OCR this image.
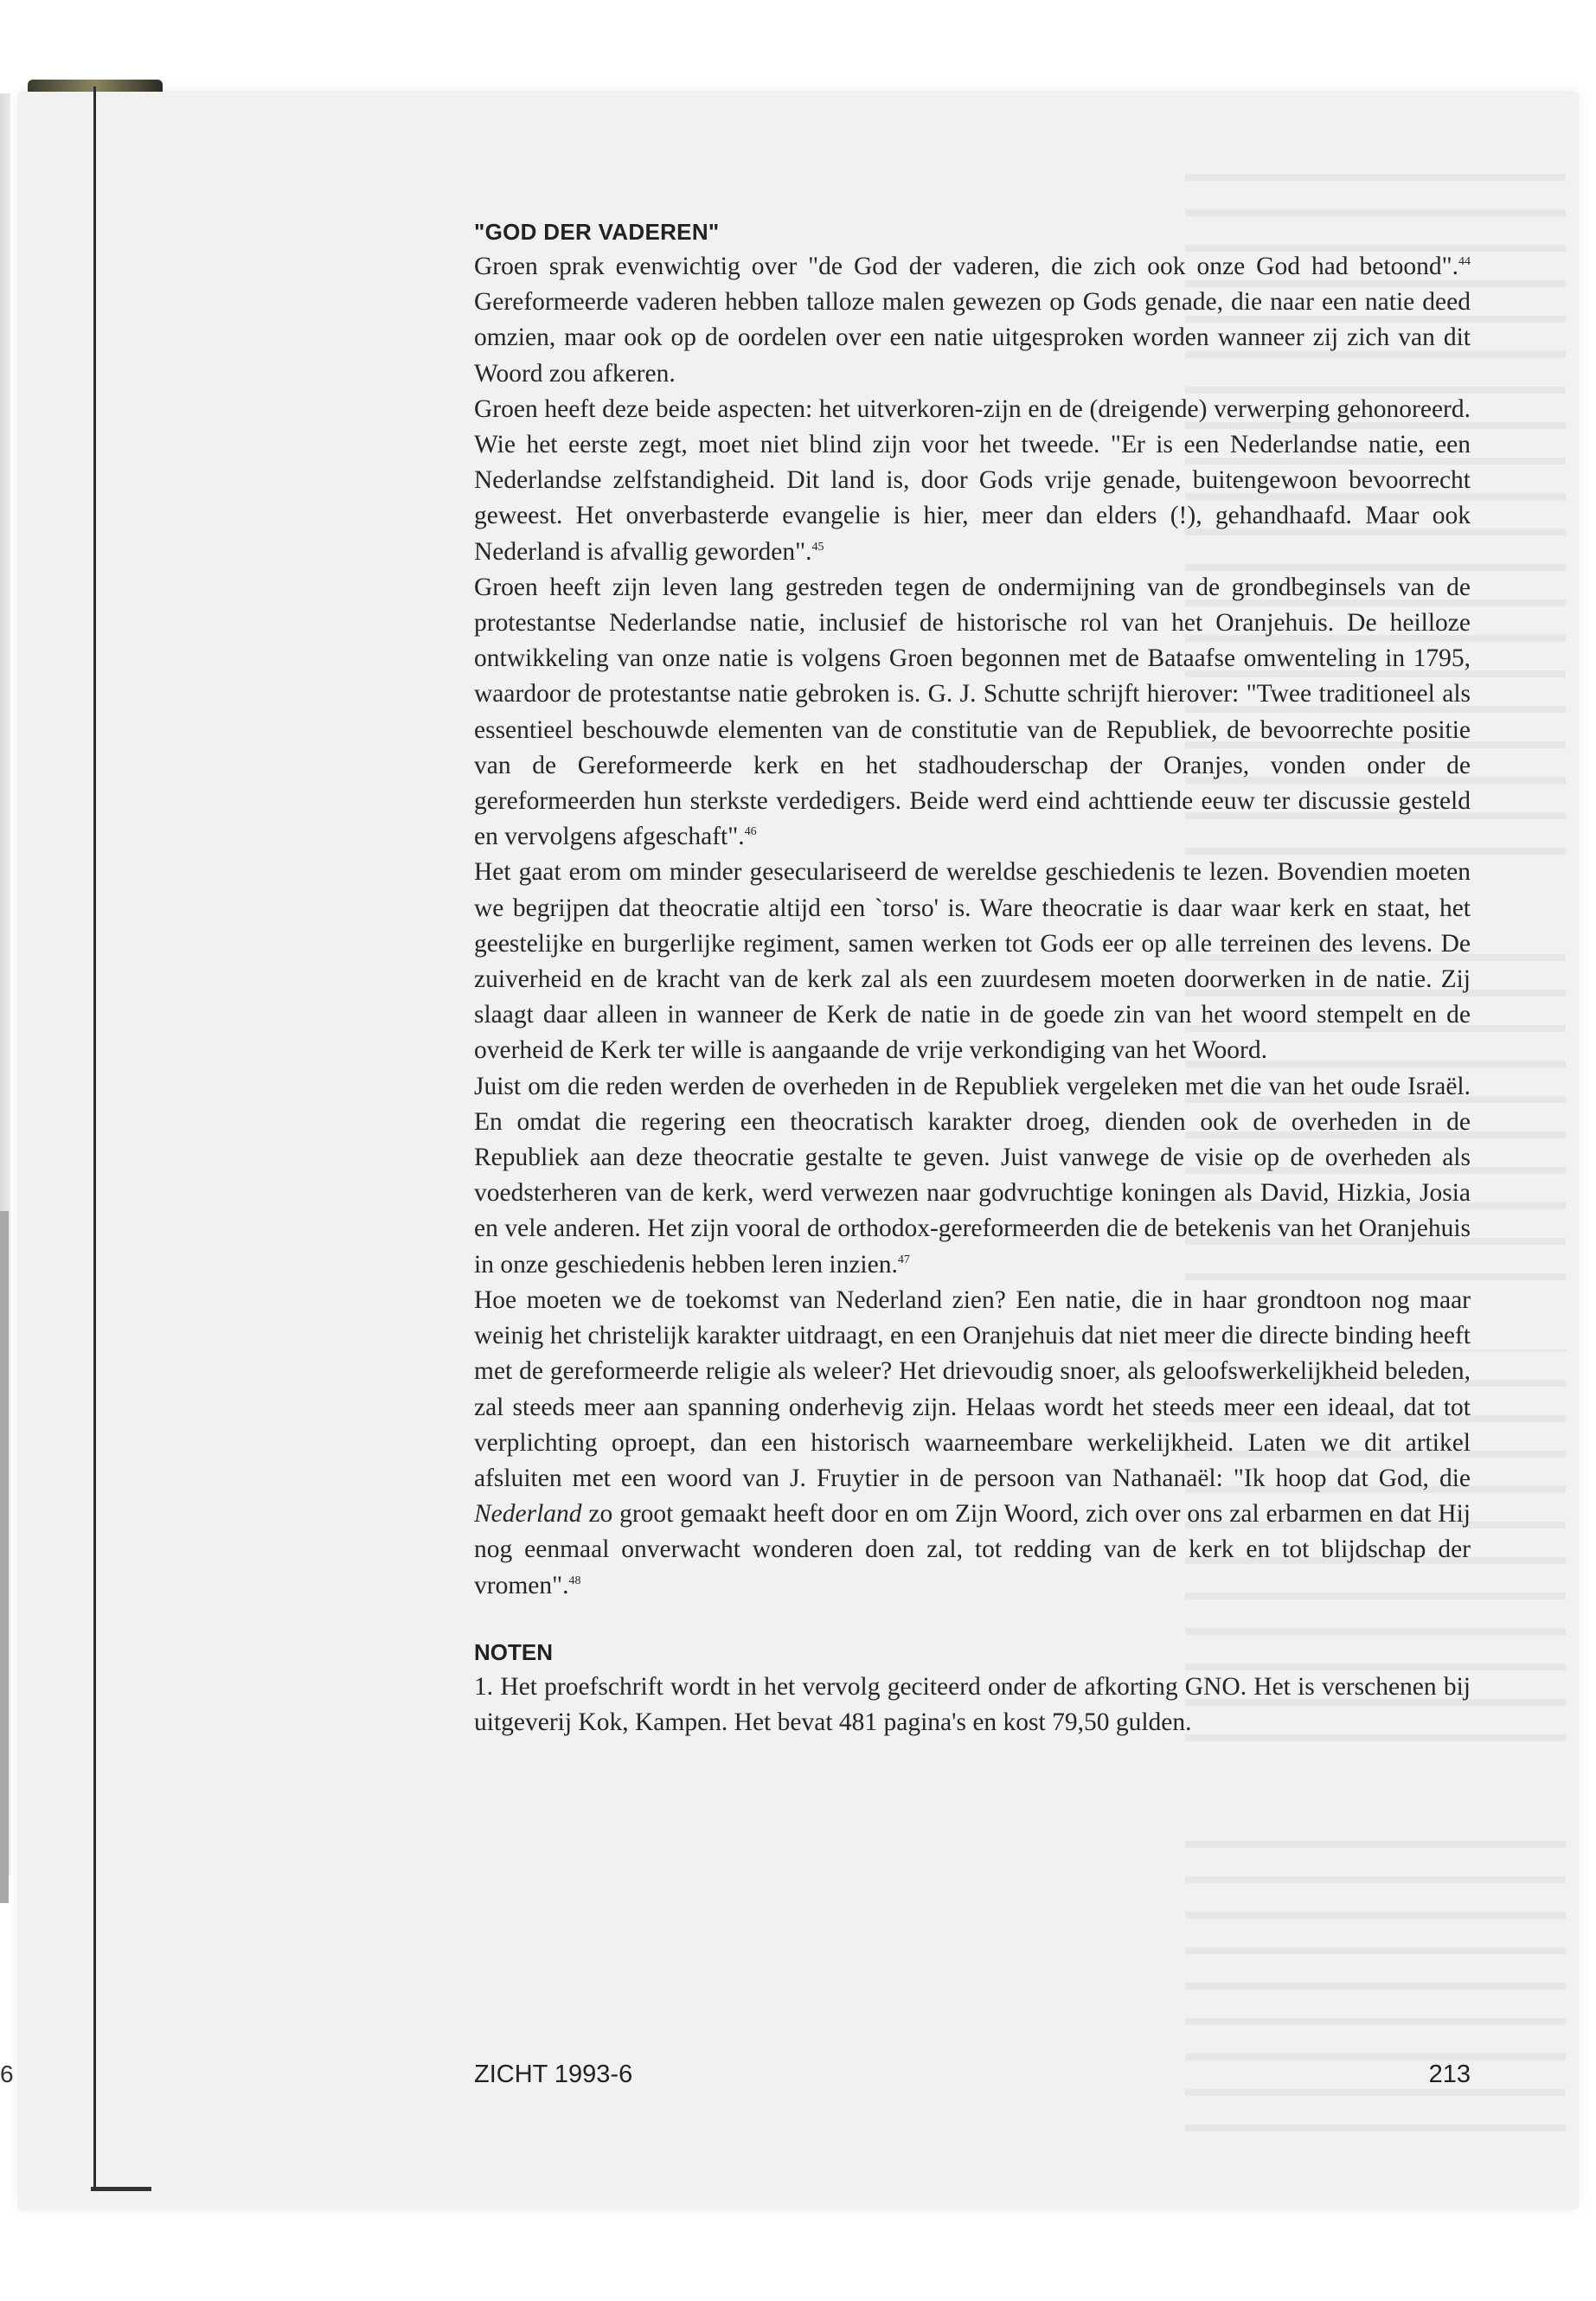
"GOD DER VADEREN"

Groen sprak evenwichtig over "de God der vaderen, die zich ook onze God had betoond".$^{44}$ Gereformeerde vaderen hebben talloze malen gewezen op Gods genade, die naar een natie deed omzien, maar ook op de oordelen over een natie uitgesproken worden wanneer zij zich van dit Woord zou afkeren.

Groen heeft deze beide aspecten: het uitverkoren-zijn en de (dreigende) verwerping gehonoreerd. Wie het eerste zegt, moet niet blind zijn voor het tweede. "Er is een Nederlandse natie, een Nederlandse zelfstandigheid. Dit land is, door Gods vrije genade, buitengewoon bevoorrecht geweest. Het onverbasterde evangelie is hier, meer dan elders (!), gehandhaafd. Maar ook Nederland is afvallig geworden".$^{45}$

Groen heeft zijn leven lang gestreden tegen de ondermijning van de grondbeginsels van de protestantse Nederlandse natie, inclusief de historische rol van het Oranjehuis. De heilloze ontwikkeling van onze natie is volgens Groen begonnen met de Bataafse omwenteling in 1795, waardoor de protestantse natie gebroken is. G. J. Schutte schrijft hierover: "Twee traditioneel als essentieel beschouwde elementen van de constitutie van de Republiek, de bevoorrechte positie van de Gereformeerde kerk en het stadhouderschap der Oranjes, vonden onder de gereformeerden hun sterkste verdedigers. Beide werd eind achttiende eeuw ter discussie gesteld en vervolgens afgeschaft".$^{46}$

Het gaat erom om minder geseculariseerd de wereldse geschiedenis te lezen. Bovendien moeten we begrijpen dat theocratie altijd een `torso' is. Ware theocratie is daar waar kerk en staat, het geestelijke en burgerlijke regiment, samen werken tot Gods eer op alle terreinen des levens. De zuiverheid en de kracht van de kerk zal als een zuurdesem moeten doorwerken in de natie. Zij slaagt daar alleen in wanneer de Kerk de natie in de goede zin van het woord stempelt en de overheid de Kerk ter wille is aangaande de vrije verkondiging van het Woord.

Juist om die reden werden de overheden in de Republiek vergeleken met die van het oude Israël. En omdat die regering een theocratisch karakter droeg, dienden ook de overheden in de Republiek aan deze theocratie gestalte te geven. Juist vanwege de visie op de overheden als voedsterheren van de kerk, werd verwezen naar godvruchtige koningen als David, Hizkia, Josia en vele anderen. Het zijn vooral de orthodox-gereformeerden die de betekenis van het Oranjehuis in onze geschiedenis hebben leren inzien.$^{47}$

Hoe moeten we de toekomst van Nederland zien? Een natie, die in haar grondtoon nog maar weinig het christelijk karakter uitdraagt, en een Oranjehuis dat niet meer die directe binding heeft met de gereformeerde religie als weleer? Het drievoudig snoer, als geloofswerkelijkheid beleden, zal steeds meer aan spanning onderhevig zijn. Helaas wordt het steeds meer een ideaal, dat tot verplichting oproept, dan een historisch waarneembare werkelijkheid. Laten we dit artikel afsluiten met een woord van J. Fruytier in de persoon van Nathanaël: "Ik hoop dat God, die Nederland zo groot gemaakt heeft door en om Zijn Woord, zich over ons zal erbarmen en dat Hij nog eenmaal onverwacht wonderen doen zal, tot redding van de kerk en tot blijdschap der vromen".$^{48}$

NOTEN

1. Het proefschrift wordt in het vervolg geciteerd onder de afkorting GNO. Het is verschenen bij uitgeverij Kok, Kampen. Het bevat 481 pagina's en kost 79,50 gulden.

6	ZICHT 1993-6	213
